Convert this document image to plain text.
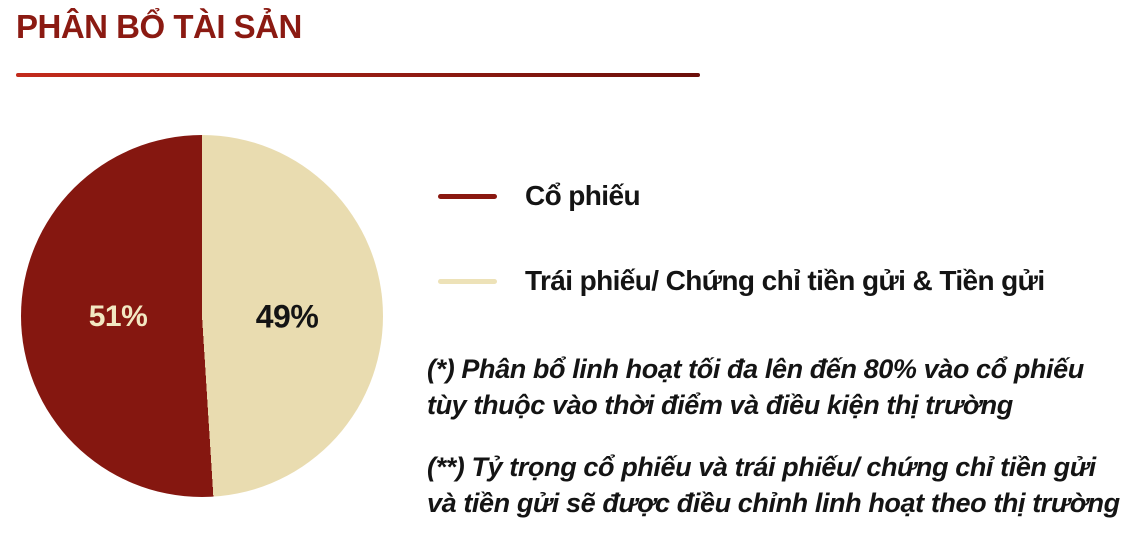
PHÂN BỔ TÀI SẢN
51%	49%
Cổ phiếu
Trái phiếu/ Chứng chỉ tiền gửi & Tiền gửi
(*) Phân bổ linh hoạt tối đa lên đến 80% vào cổ phiếu
tùy thuộc vào thời điểm và điều kiện thị trường
(**) Tỷ trọng cổ phiếu và trái phiếu/ chứng chỉ tiền gửi
và tiền gửi sẽ được điều chỉnh linh hoạt theo thị trường
